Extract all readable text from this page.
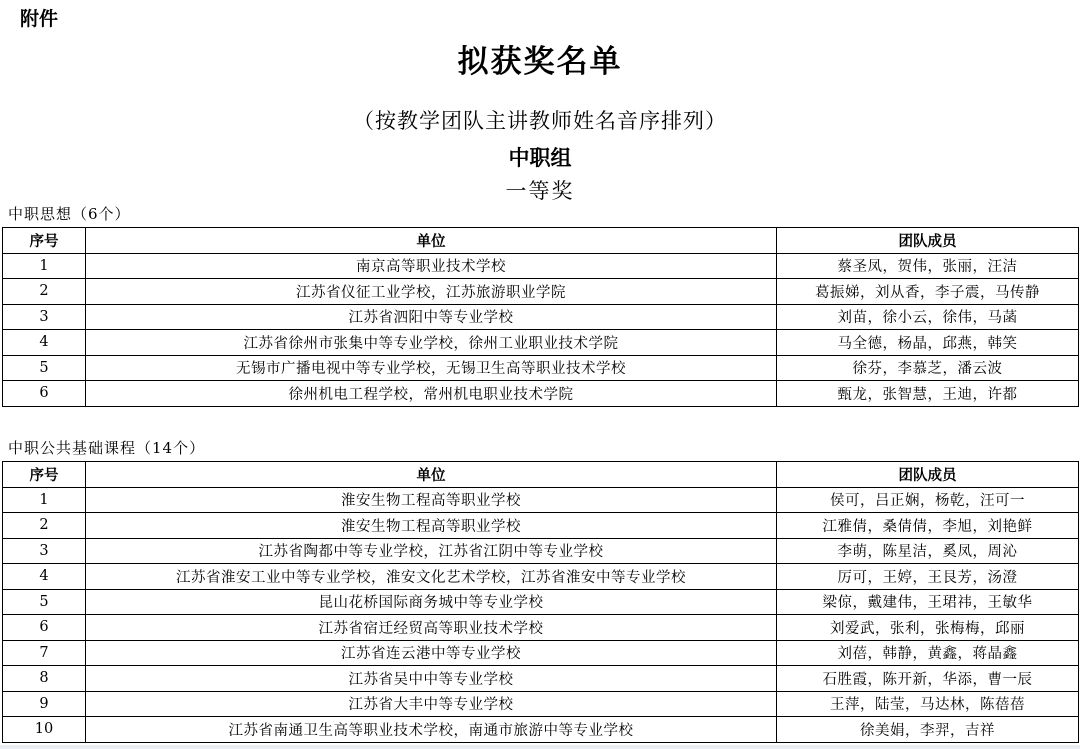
附件
拟获奖名单
（按教学团队主讲教师姓名音序排列）
中职组
一等奖
中职思想（6个）
序号	单位	团队成员
1	南京高等职业技术学校	蔡圣凤，贺伟，张丽，汪洁
2	江苏省仪征工业学校，江苏旅游职业学院	葛振娣，刘从香，李子震，马传静
3	江苏省泗阳中等专业学校	刘苗，徐小云，徐伟，马菡
4	江苏省徐州市张集中等专业学校，徐州工业职业技术学院	马全德，杨晶，邱燕，韩笑
5	无锡市广播电视中等专业学校，无锡卫生高等职业技术学校	徐芬，李慕芝，潘云波
6	徐州机电工程学校，常州机电职业技术学院	甄龙，张智慧，王迪，许都
中职公共基础课程（14个）
序号	单位	团队成员
1	淮安生物工程高等职业学校	侯可，吕正娴，杨乾，汪可一
2	淮安生物工程高等职业学校	江雅倩，桑倩倩，李旭，刘艳鲜
3	江苏省陶都中等专业学校，江苏省江阴中等专业学校	李萌，陈星洁，奚凤，周沁
4	江苏省淮安工业中等专业学校，淮安文化艺术学校，江苏省淮安中等专业学校	厉可，王婷，王艮芳，汤澄
5	昆山花桥国际商务城中等专业学校	梁倞，戴建伟，王珺祎，王敏华
6	江苏省宿迁经贸高等职业技术学校	刘爱武，张利，张梅梅，邱丽
7	江苏省连云港中等专业学校	刘蓓，韩静，黄鑫，蒋晶鑫
8	江苏省吴中中等专业学校	石胜霞，陈开新，华添，曹一辰
9	江苏省大丰中等专业学校	王萍，陆莹，马达林，陈蓓蓓
10	江苏省南通卫生高等职业技术学校，南通市旅游中等专业学校	徐美娟，李羿，吉祥
